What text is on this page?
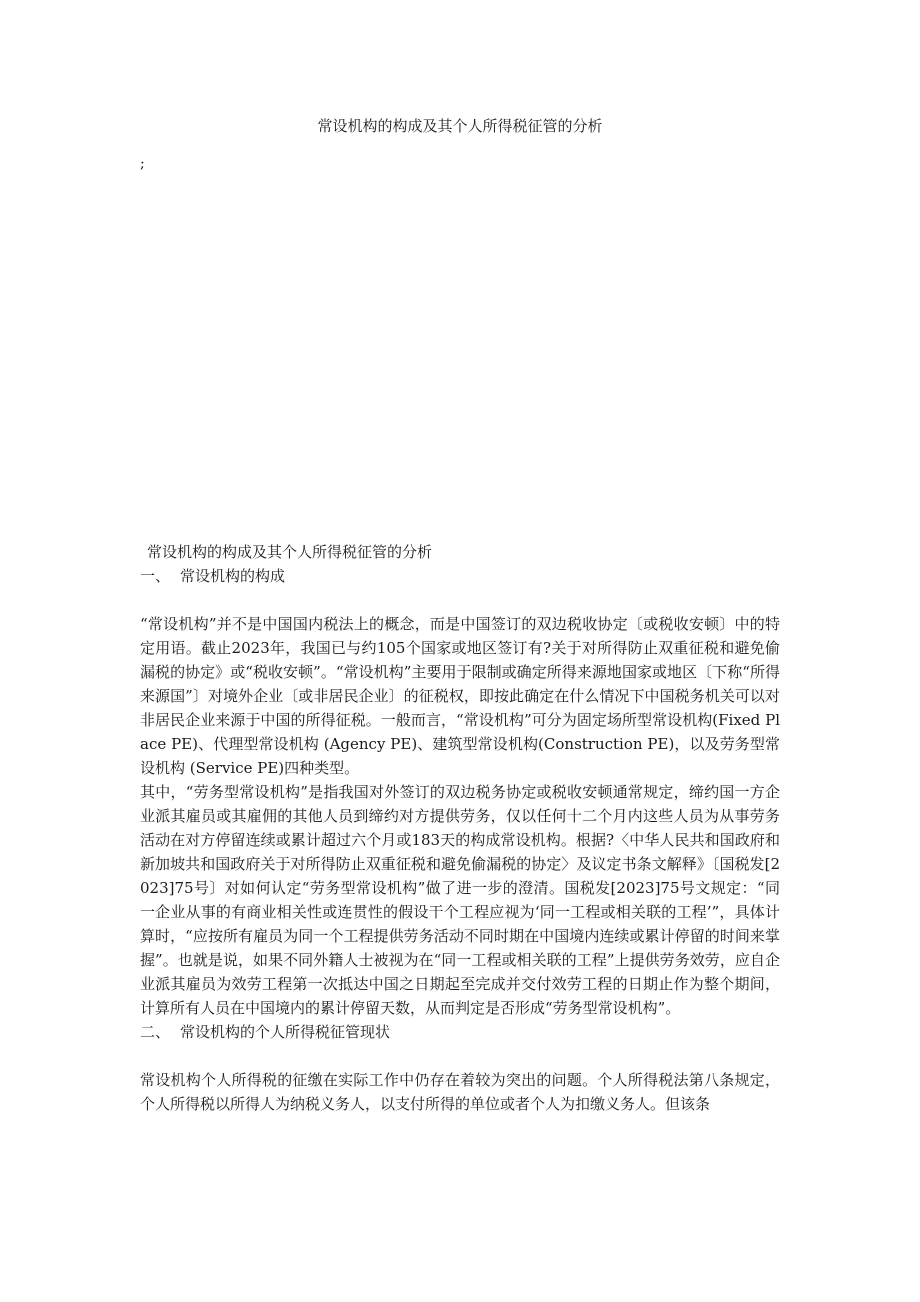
常设机构的构成及其个人所得税征管的分析
;
常设机构的构成及其个人所得税征管的分析
一、 常设机构的构成

“常设机构”并不是中国国内税法上的概念，而是中国签订的双边税收协定〔或税收安顿〕中的特定用语。截止2023年，我国已与约105个国家或地区签订有?关于对所得防止双重征税和避免偷漏税的协定》或“税收安顿”。“常设机构”主要用于限制或确定所得来源地国家或地区〔下称“所得来源国”〕对境外企业〔或非居民企业〕的征税权，即按此确定在什么情况下中国税务机关可以对非居民企业来源于中国的所得征税。一般而言，“常设机构”可分为固定场所型常设机构(Fixed Place PE)、代理型常设机构 (Agency PE)、建筑型常设机构(Construction PE)，以及劳务型常设机构 (Service PE)四种类型。

其中，“劳务型常设机构”是指我国对外签订的双边税务协定或税收安顿通常规定，缔约国一方企业派其雇员或其雇佣的其他人员到缔约对方提供劳务，仅以任何十二个月内这些人员为从事劳务活动在对方停留连续或累计超过六个月或183天的构成常设机构。根据?〈中华人民共和国政府和新加坡共和国政府关于对所得防止双重征税和避免偷漏税的协定〉及议定书条文解释》〔国税发[2023]75号〕对如何认定“劳务型常设机构”做了进一步的澄清。国税发[2023]75号文规定：“同一企业从事的有商业相关性或连贯性的假设干个工程应视为‘同一工程或相关联的工程’”，具体计算时，“应按所有雇员为同一个工程提供劳务活动不同时期在中国境内连续或累计停留的时间来掌握”。也就是说，如果不同外籍人士被视为在“同一工程或相关联的工程”上提供劳务效劳，应自企业派其雇员为效劳工程第一次抵达中国之日期起至完成并交付效劳工程的日期止作为整个期间，计算所有人员在中国境内的累计停留天数，从而判定是否形成“劳务型常设机构”。

二、 常设机构的个人所得税征管现状

常设机构个人所得税的征缴在实际工作中仍存在着较为突出的问题。个人所得税法第八条规定，个人所得税以所得人为纳税义务人，以支付所得的单位或者个人为扣缴义务人。但该条
